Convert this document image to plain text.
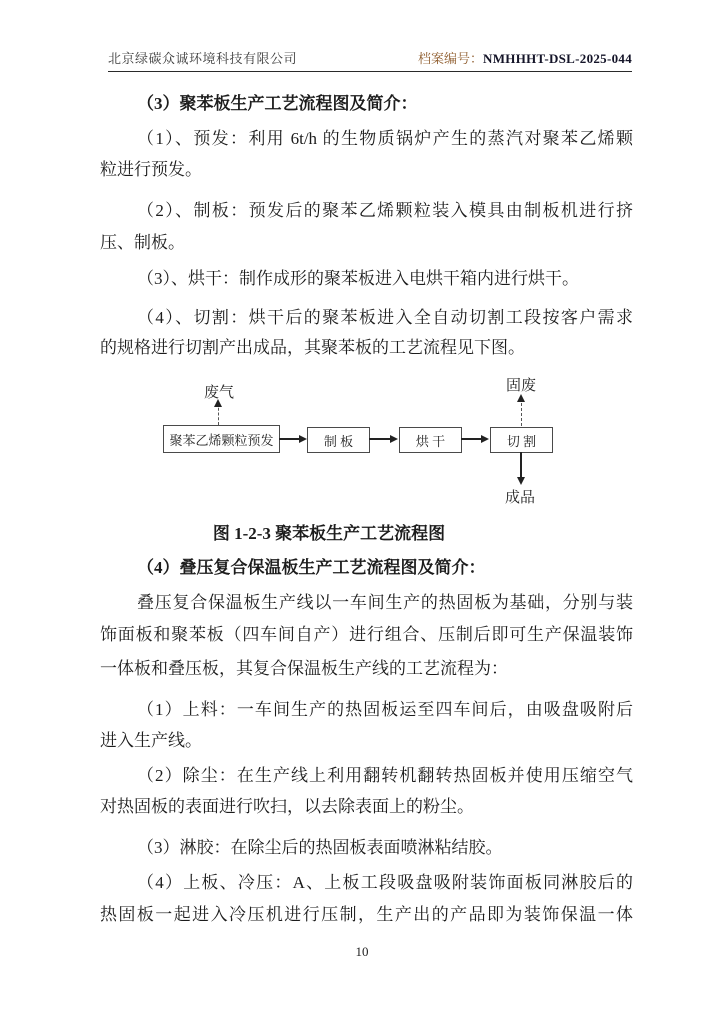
北京绿碳众诚环境科技有限公司	档案编号：NMHHHT-DSL-2025-044
（3）聚苯板生产工艺流程图及简介：
（1）、预发：利用 6t/h 的生物质锅炉产生的蒸汽对聚苯乙烯颗
粒进行预发。
（2）、制板：预发后的聚苯乙烯颗粒装入模具由制板机进行挤
压、制板。
（3）、烘干：制作成形的聚苯板进入电烘干箱内进行烘干。
（4）、切割：烘干后的聚苯板进入全自动切割工段按客户需求
的规格进行切割产出成品，其聚苯板的工艺流程见下图。
废气
聚苯乙烯颗粒预发	制 板	烘 干	切 割
固废
成品
图 1-2-3 聚苯板生产工艺流程图
（4）叠压复合保温板生产工艺流程图及简介：
叠压复合保温板生产线以一车间生产的热固板为基础，分别与装
饰面板和聚苯板（四车间自产）进行组合、压制后即可生产保温装饰
一体板和叠压板，其复合保温板生产线的工艺流程为：
（1）上料：一车间生产的热固板运至四车间后，由吸盘吸附后
进入生产线。
（2）除尘：在生产线上利用翻转机翻转热固板并使用压缩空气
对热固板的表面进行吹扫，以去除表面上的粉尘。
（3）淋胶：在除尘后的热固板表面喷淋粘结胶。
（4）上板、冷压：A、上板工段吸盘吸附装饰面板同淋胶后的
热固板一起进入冷压机进行压制，生产出的产品即为装饰保温一体
10
